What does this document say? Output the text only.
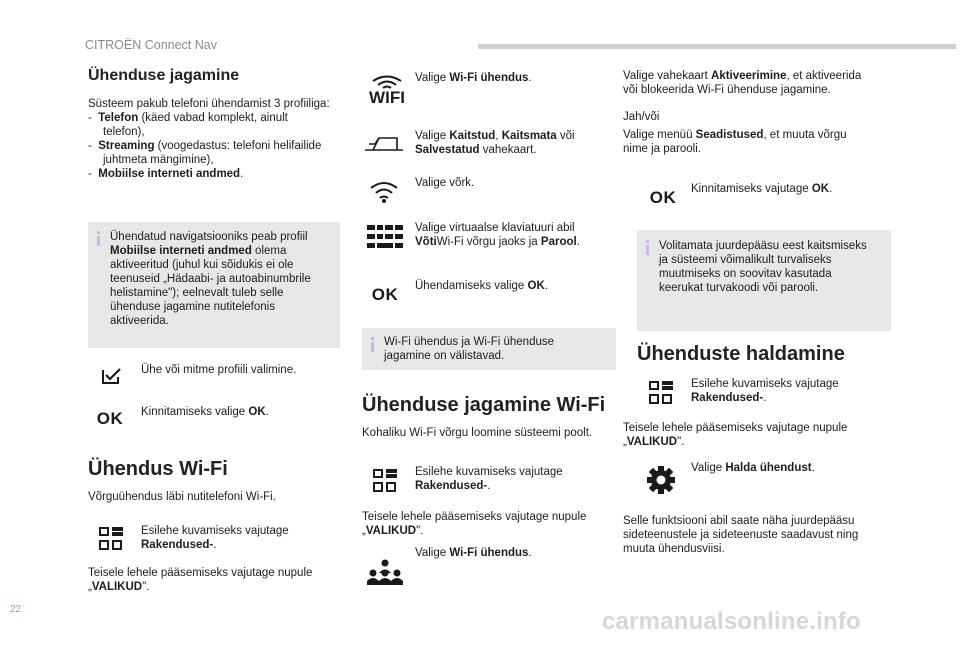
CITROËN Connect Nav
Ühenduse jagamine
Süsteem pakub telefoni ühendamist 3 profiiliga:
-  Telefon (käed vabad komplekt, ainult
telefon),
-  Streaming (voogedastus: telefoni helifailide
juhtmeta mängimine),
-  Mobiilse interneti andmed.
Ühendatud navigatsiooniks peab profiil
Mobiilse interneti andmed olema
aktiveeritud (juhul kui sõidukis ei ole
teenuseid „Hädaabi- ja autoabinumbrile
helistamine"); eelnevalt tuleb selle
ühenduse jagamine nutitelefonis
aktiveerida.
Ühe või mitme profiili valimine.
OK	Kinnitamiseks valige OK.
Ühendus Wi-Fi
Võrguühendus läbi nutitelefoni Wi-Fi.
Esilehe kuvamiseks vajutage
Rakendused-.
Teisele lehele pääsemiseks vajutage nupule
„VALIKUD".
WIFI
Valige Wi-Fi ühendus.
Valige Kaitstud, Kaitsmata või
Salvestatud vahekaart.
Valige võrk.
Valige virtuaalse klaviatuuri abil
VõtiWi-Fi võrgu jaoks ja Parool.
OK	Ühendamiseks valige OK.
Wi-Fi ühendus ja Wi-Fi ühenduse
jagamine on välistavad.
Ühenduse jagamine Wi-Fi
Kohaliku Wi-Fi võrgu loomine süsteemi poolt.
Esilehe kuvamiseks vajutage
Rakendused-.
Teisele lehele pääsemiseks vajutage nupule
„VALIKUD".
Valige Wi-Fi ühendus.
Valige vahekaart Aktiveerimine, et aktiveerida
või blokeerida Wi-Fi ühenduse jagamine.
Jah/või
Valige menüü Seadistused, et muuta võrgu
nime ja parooli.
OK	Kinnitamiseks vajutage OK.
Volitamata juurdepääsu eest kaitsmiseks
ja süsteemi võimalikult turvaliseks
muutmiseks on soovitav kasutada
keerukat turvakoodi või parooli.
Ühenduste haldamine
Esilehe kuvamiseks vajutage
Rakendused-.
Teisele lehele pääsemiseks vajutage nupule
„VALIKUD".
Valige Halda ühendust.
Selle funktsiooni abil saate näha juurdepääsu
sideteenustele ja sideteenuste saadavust ning
muuta ühendusviisi.
22	carmanualsonline.info
